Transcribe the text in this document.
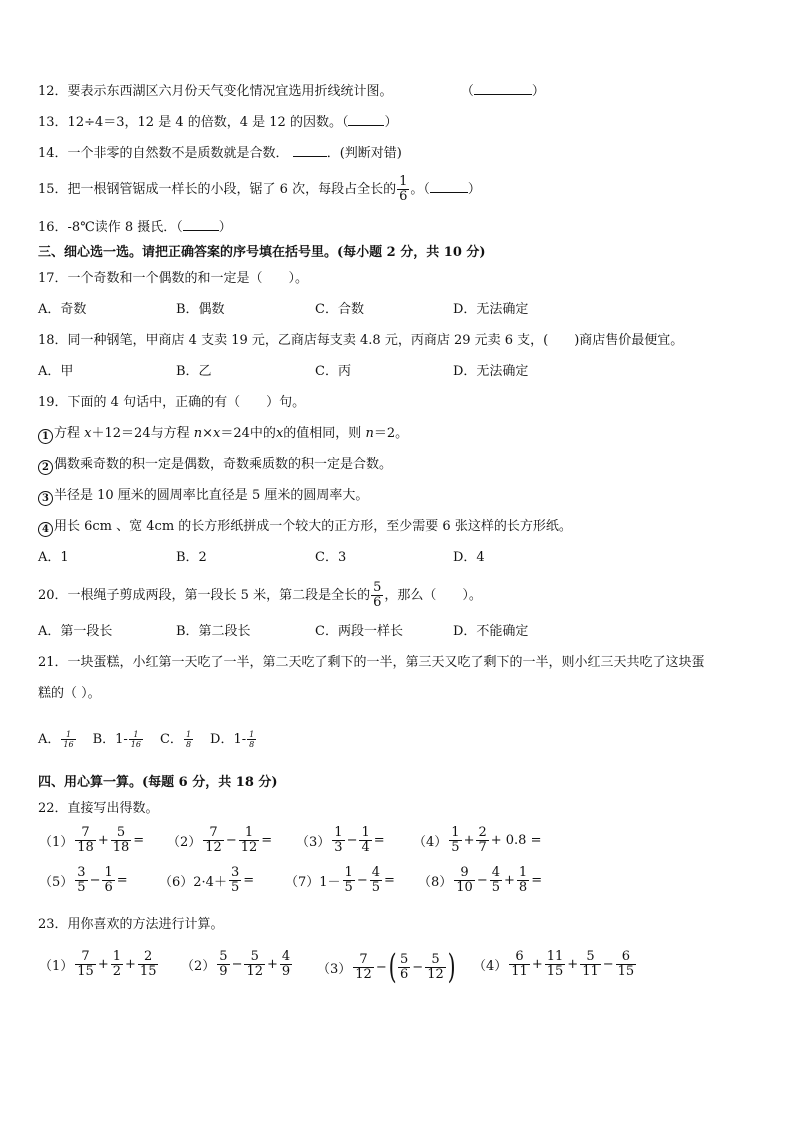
12．要表示东西湖区六月份天气变化情况宜选用折线统计图。	（	）
13．12÷4＝3，12 是 4 的倍数，4 是 12 的因数。（	）
14．一个非零的自然数不是质数就是合数．	．(判断对错)
15．把一根钢管锯成一样长的小段，锯了 6 次，每段占全长的 $\frac{1}{6}$ 。（	）
16．-8℃读作 8 摄氏．（	）
三、细心选一选。请把正确答案的序号填在括号里。(每小题 2 分，共 10 分)
17．一个奇数和一个偶数的和一定是（　　）。
A．奇数	B．偶数	C．合数	D．无法确定
18．同一种钢笔，甲商店 4 支卖 19 元，乙商店每支卖 4.8 元，丙商店 29 元卖 6 支，(　　)商店售价最便宜。
A．甲	B．乙	C．丙	D．无法确定
19．下面的 4 句话中，正确的有（　　）句。
1 方程 x＋12＝24与方程 n×x＝24中的x的值相同，则 n＝2。
2 偶数乘奇数的积一定是偶数，奇数乘质数的积一定是合数。
3 半径是 10 厘米的圆周率比直径是 5 厘米的圆周率大。
4 用长 6cm 、宽 4cm 的长方形纸拼成一个较大的正方形，至少需要 6 张这样的长方形纸。
A．1	B．2	C．3	D．4
20．一根绳子剪成两段，第一段长 5 米，第二段是全长的 $\frac{5}{6}$ ，那么（　　）。
A．第一段长	B．第二段长	C．两段一样长	D．不能确定
21．一块蛋糕，小红第一天吃了一半，第二天吃了剩下的一半，第三天又吃了剩下的一半，则小红三天共吃了这块蛋
糕的（ ）。
A． $\frac{1}{16}$ B．$1- \frac{1}{16}$ C． $\frac{1}{8}$ D．$1- \frac{1}{8}$
四、用心算一算。(每题 6 分，共 18 分)
22．直接写出得数。
$(1) \frac{7}{18} + \frac{5}{18} = (2) \frac{7}{12} - \frac{1}{12} = (3) \frac{1}{3} - \frac{1}{4} = (4) \frac{1}{5} + \frac{2}{7} + 0.8$ =
$(5) \frac{3}{5} - \frac{1}{6} = (6)2\cdot 4+ \frac{3}{5} = (7)1- \frac{1}{5} - \frac{4}{5} = (8) \frac{9}{10} - \frac{4}{5} + \frac{1}{8}$ =
23．用你喜欢的方法进行计算。
$(1) \frac{7}{15} + \frac{1}{2} + \frac{2}{15} (2) \frac{5}{9} - \frac{5}{12} + \frac{4}{9} (3) \frac{7}{12}$ − ( $\frac{5}{6} - \frac{5}{12}$ ) $(4) \frac{6}{11} + \frac{11}{15} + \frac{5}{11} - \frac{6}{15}$
